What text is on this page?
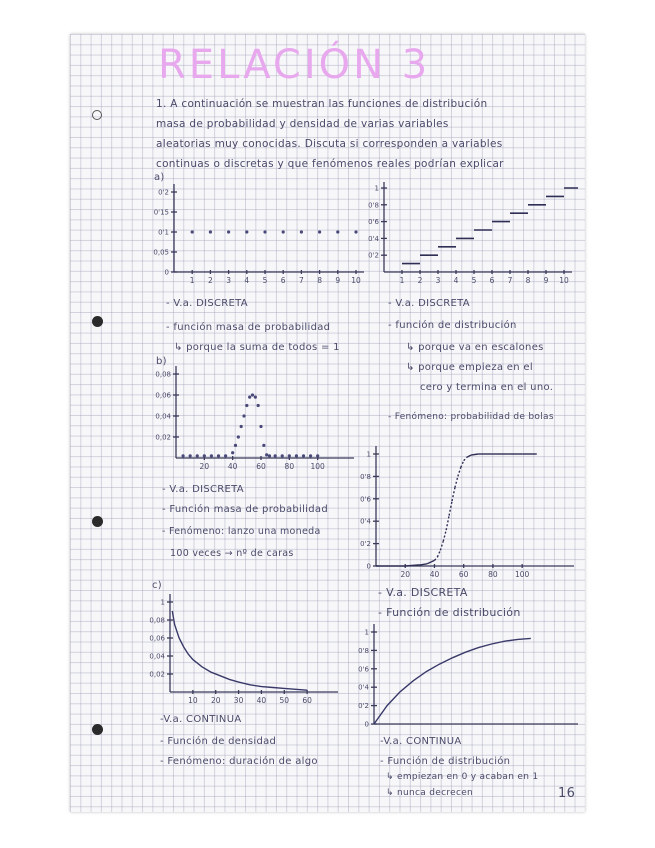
RELACIÓN 3
1. A continuación se muestran las funciones de distribución
masa de probabilidad y densidad de varias variables
aleatorias muy conocidas. Discuta si corresponden a variables
continuas o discretas y que fenómenos reales podrían explicar
a)
b)
c)
0'2
0'15
0'1
0,05
0
1 2 3 4 5 6 7 8 9 10
1
0'8
0'6
0'4
0'2
1 2 3 4 5 6 7 8 9 10
0,08
0,06
0,04
0,02
20	40	60	80 100
1
0'8
0'6
0'4
0'2
0
20	40	60	80 100
1
0,08
0,06
0,04
0,02
10 20 30 40 50 60
1
0'8
0'6
0'4
0'2
0
- V.a. DISCRETA
- función masa de probabilidad
↳ porque la suma de todos = 1
- V.a. DISCRETA
- función de distribución
↳ porque va en escalones
↳ porque empieza en el
cero y termina en el uno.
- Fenómeno: probabilidad de bolas
- V.a. DISCRETA
- Función masa de probabilidad
- Fenómeno: lanzo una moneda
100 veces → nº de caras
- V.a. DISCRETA
- Función de distribución
-V.a. CONTINUA
- Función de densidad
- Fenómeno: duración de algo
-V.a. CONTINUA
- Función de distribución
↳ empiezan en 0 y acaban en 1
↳ nunca decrecen	16
